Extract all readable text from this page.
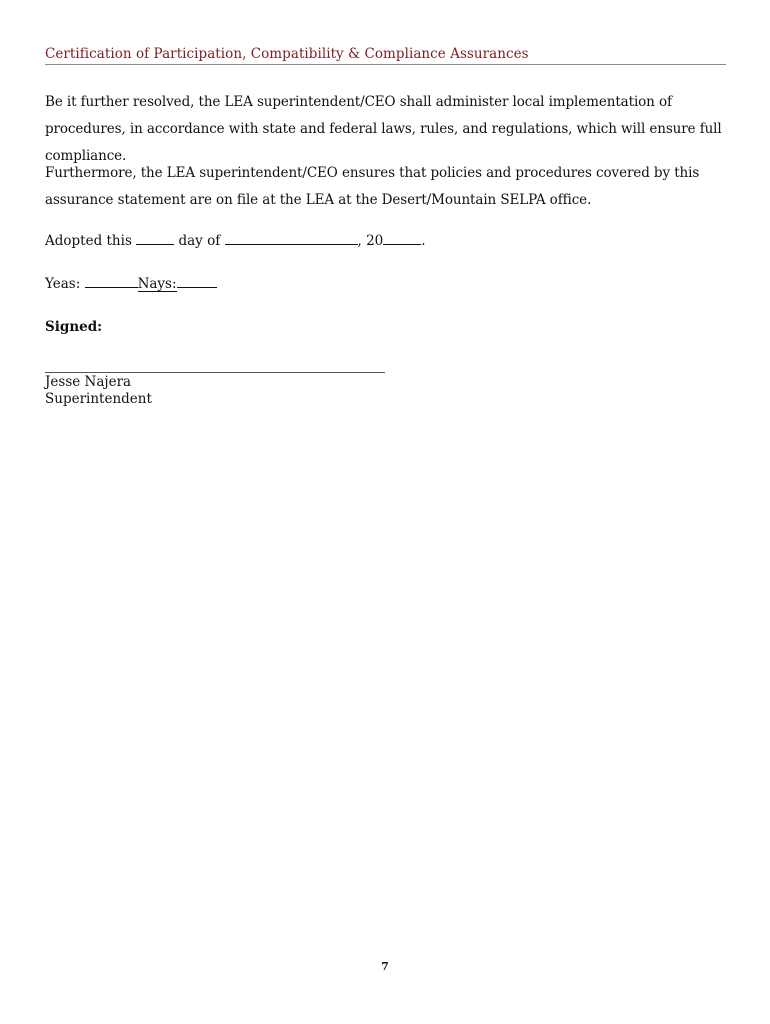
Certification of Participation, Compatibility & Compliance Assurances
Be it further resolved, the LEA superintendent/CEO shall administer local implementation of procedures, in accordance with state and federal laws, rules, and regulations, which will ensure full compliance.
Furthermore, the LEA superintendent/CEO ensures that policies and procedures covered by this assurance statement are on file at the LEA at the Desert/Mountain SELPA office.
Adopted this	day of	, 20	.
Yeas:	Nays:
Signed:
Jesse Najera
Superintendent
7
